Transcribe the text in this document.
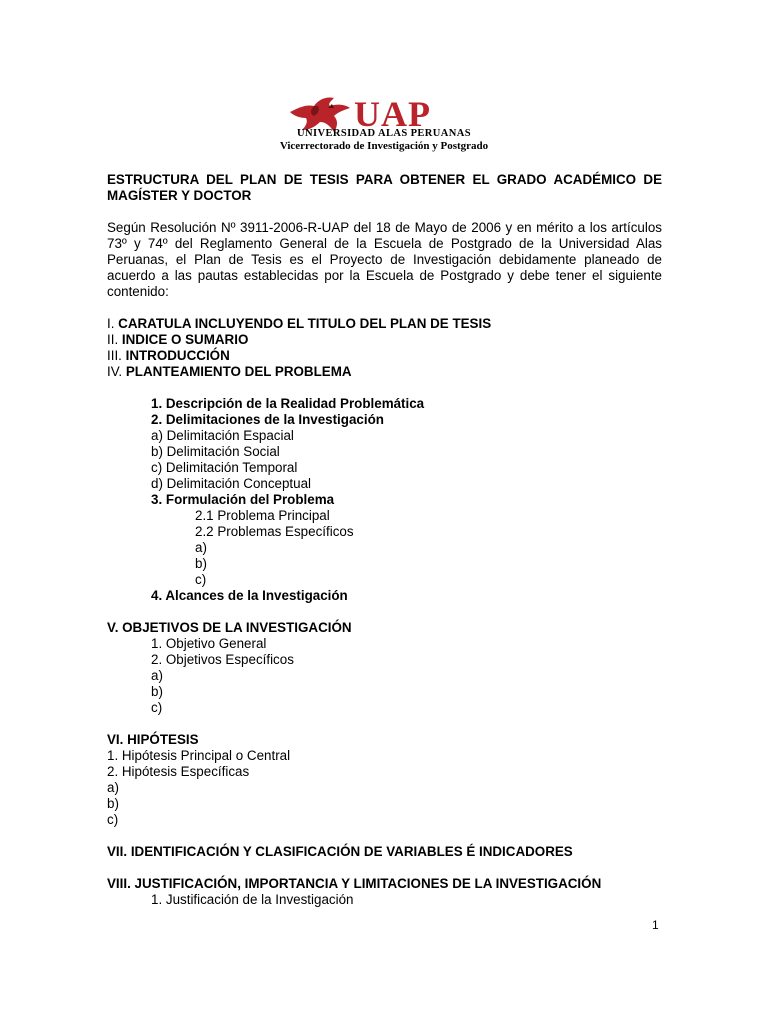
UAP
UNIVERSIDAD ALAS PERUANAS
Vicerrectorado de Investigación y Postgrado

ESTRUCTURA DEL PLAN DE TESIS PARA OBTENER EL GRADO ACADÉMICO DE MAGÍSTER Y DOCTOR

Según Resolución Nº 3911-2006-R-UAP del 18 de Mayo de 2006 y en mérito a los artículos 73º y 74º del Reglamento General de la Escuela de Postgrado de la Universidad Alas Peruanas, el Plan de Tesis es el Proyecto de Investigación debidamente planeado de acuerdo a las pautas establecidas por la Escuela de Postgrado y debe tener el siguiente contenido:

I. CARATULA INCLUYENDO EL TITULO DEL PLAN DE TESIS
II. INDICE O SUMARIO
III. INTRODUCCIÓN
IV. PLANTEAMIENTO DEL PROBLEMA
1. Descripción de la Realidad Problemática
2. Delimitaciones de la Investigación
a) Delimitación Espacial
b) Delimitación Social
c) Delimitación Temporal
d) Delimitación Conceptual
3. Formulación del Problema
2.1 Problema Principal
2.2 Problemas Específicos
a)
b)
c)
4. Alcances de la Investigación
V. OBJETIVOS DE LA INVESTIGACIÓN
1. Objetivo General
2. Objetivos Específicos
a)
b)
c)
VI. HIPÓTESIS
1. Hipótesis Principal o Central
2. Hipótesis Específicas
a)
b)
c)
VII. IDENTIFICACIÓN Y CLASIFICACIÓN DE VARIABLES É INDICADORES
VIII. JUSTIFICACIÓN, IMPORTANCIA Y LIMITACIONES DE LA INVESTIGACIÓN
1. Justificación de la Investigación
1
